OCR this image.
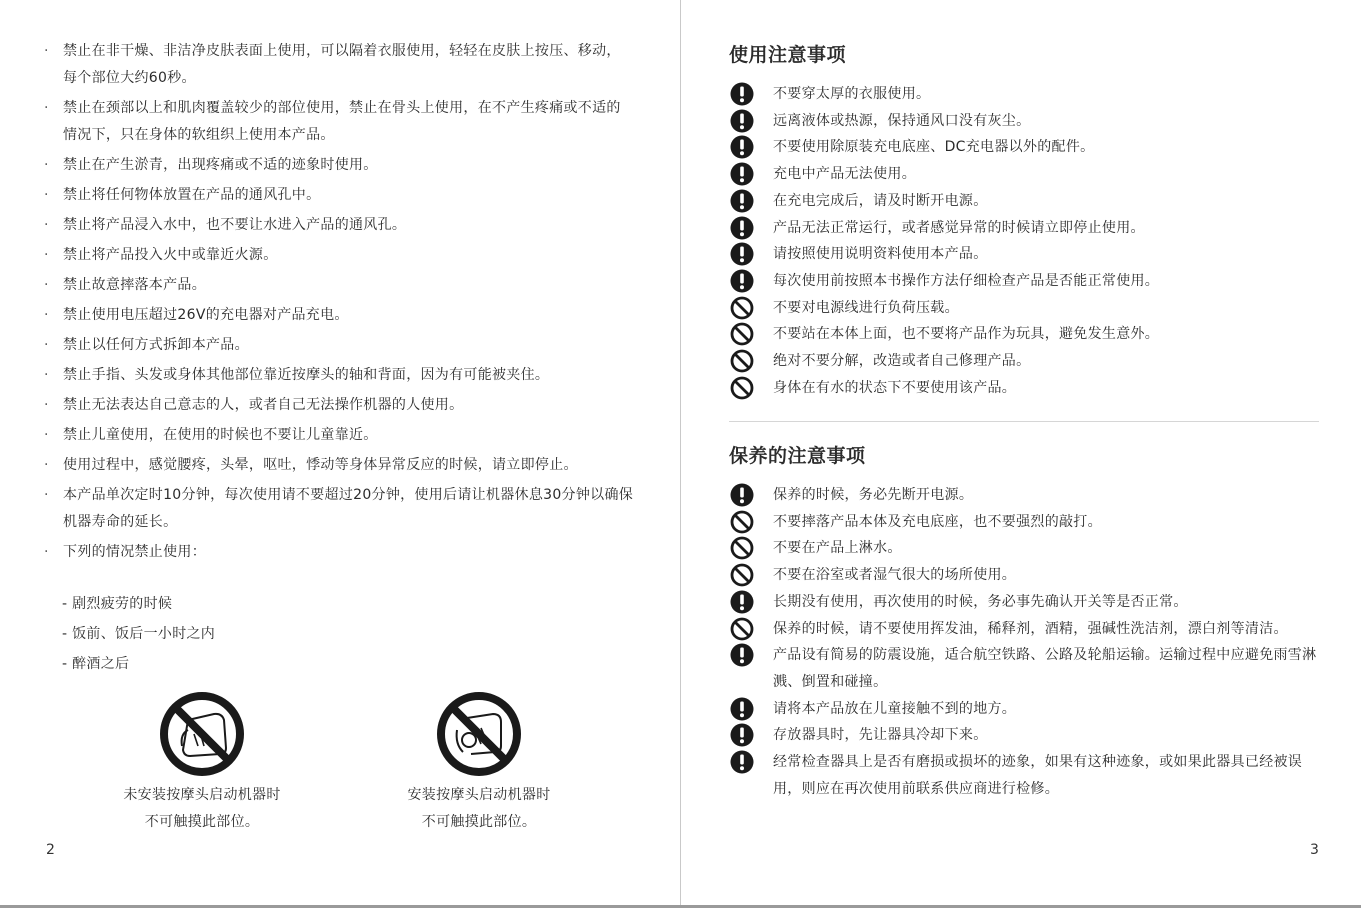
·	禁止在非干燥、非洁净皮肤表面上使用，可以隔着衣服使用，轻轻在皮肤上按压、移动，每个部位大约60秒。
·	禁止在颈部以上和肌肉覆盖较少的部位使用，禁止在骨头上使用，在不产生疼痛或不适的情况下，只在身体的软组织上使用本产品。
·	禁止在产生淤青，出现疼痛或不适的迹象时使用。
·	禁止将任何物体放置在产品的通风孔中。
·	禁止将产品浸入水中，也不要让水进入产品的通风孔。
·	禁止将产品投入火中或靠近火源。
·	禁止故意摔落本产品。
·	禁止使用电压超过26V的充电器对产品充电。
·	禁止以任何方式拆卸本产品。
·	禁止手指、头发或身体其他部位靠近按摩头的轴和背面，因为有可能被夹住。
·	禁止无法表达自己意志的人，或者自己无法操作机器的人使用。
·	禁止儿童使用，在使用的时候也不要让儿童靠近。
·	使用过程中，感觉腰疼，头晕，呕吐，悸动等身体异常反应的时候，请立即停止。
·	本产品单次定时10分钟，每次使用请不要超过20分钟，使用后请让机器休息30分钟以确保机器寿命的延长。
·	下列的情况禁止使用：
- 剧烈疲劳的时候
- 饭前、饭后一小时之内
- 醉酒之后
未安装按摩头启动机器时
不可触摸此部位。
安装按摩头启动机器时
不可触摸此部位。
2
使用注意事项
不要穿太厚的衣服使用。
远离液体或热源，保持通风口没有灰尘。
不要使用除原装充电底座、DC充电器以外的配件。
充电中产品无法使用。
在充电完成后，请及时断开电源。
产品无法正常运行，或者感觉异常的时候请立即停止使用。
请按照使用说明资料使用本产品。
每次使用前按照本书操作方法仔细检查产品是否能正常使用。
不要对电源线进行负荷压载。
不要站在本体上面，也不要将产品作为玩具，避免发生意外。
绝对不要分解，改造或者自己修理产品。
身体在有水的状态下不要使用该产品。
保养的注意事项
保养的时候，务必先断开电源。
不要摔落产品本体及充电底座，也不要强烈的敲打。
不要在产品上淋水。
不要在浴室或者湿气很大的场所使用。
长期没有使用，再次使用的时候，务必事先确认开关等是否正常。
保养的时候，请不要使用挥发油，稀释剂，酒精，强碱性洗洁剂，漂白剂等清洁。
产品设有简易的防震设施，适合航空铁路、公路及轮船运输。运输过程中应避免雨雪淋溅、倒置和碰撞。
请将本产品放在儿童接触不到的地方。
存放器具时，先让器具冷却下来。
经常检查器具上是否有磨损或损坏的迹象，如果有这种迹象，或如果此器具已经被误用，则应在再次使用前联系供应商进行检修。
3
